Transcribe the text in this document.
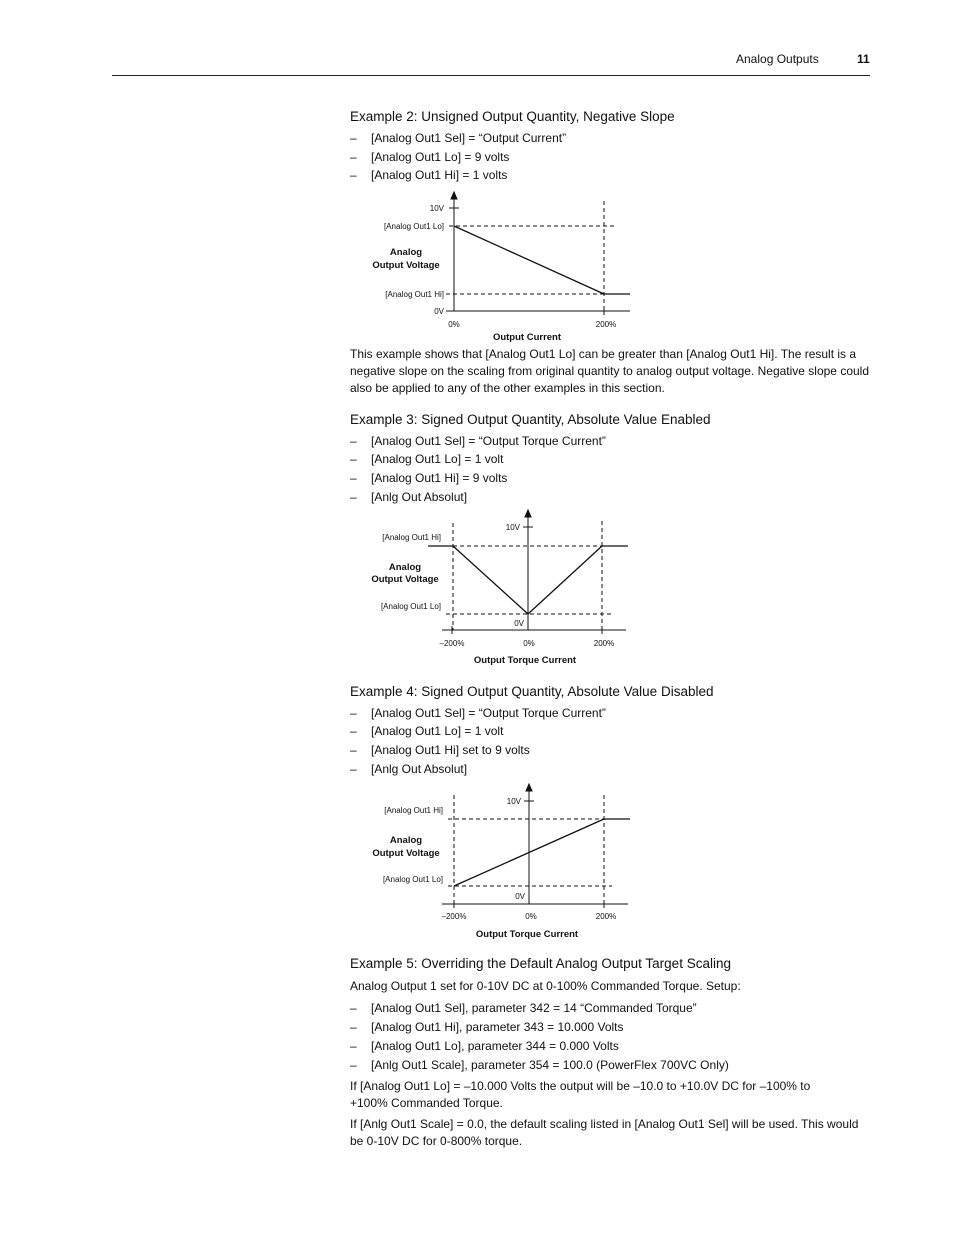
Analog Outputs	11
Example 2: Unsigned Output Quantity, Negative Slope
– [Analog Out1 Sel] = “Output Current”
– [Analog Out1 Lo] = 9 volts
– [Analog Out1 Hi] = 1 volts
10V
[Analog Out1 Lo]
Analog
Output Voltage
[Analog Out1 Hi]
0V
0%	200%
Output Current

This example shows that [Analog Out1 Lo] can be greater than [Analog Out1 Hi]. The result is a negative slope on the scaling from original quantity to analog output voltage. Negative slope could also be applied to any of the other examples in this section.

Example 3: Signed Output Quantity, Absolute Value Enabled
– [Analog Out1 Sel] = “Output Torque Current”
– [Analog Out1 Lo] = 1 volt
– [Analog Out1 Hi] = 9 volts
– [Anlg Out Absolut]
10V
[Analog Out1 Hi]
Analog
Output Voltage
[Analog Out1 Lo]
0V
–200%	0%	200%
Output Torque Current
Example 4: Signed Output Quantity, Absolute Value Disabled
– [Analog Out1 Sel] = “Output Torque Current”
– [Analog Out1 Lo] = 1 volt
– [Analog Out1 Hi] set to 9 volts
– [Anlg Out Absolut]
10V
[Analog Out1 Hi]
Analog
Output Voltage
[Analog Out1 Lo]
0V
–200%	0%	200%
Output Torque Current
Example 5: Overriding the Default Analog Output Target Scaling
Analog Output 1 set for 0-10V DC at 0-100% Commanded Torque. Setup:
– [Analog Out1 Sel], parameter 342 = 14 “Commanded Torque”
– [Analog Out1 Hi], parameter 343 = 10.000 Volts
– [Analog Out1 Lo], parameter 344 = 0.000 Volts
– [Anlg Out1 Scale], parameter 354 = 100.0 (PowerFlex 700VC Only)

If [Analog Out1 Lo] = –10.000 Volts the output will be –10.0 to +10.0V DC for –100% to +100% Commanded Torque.

If [Anlg Out1 Scale] = 0.0, the default scaling listed in [Analog Out1 Sel] will be used. This would be 0-10V DC for 0-800% torque.
